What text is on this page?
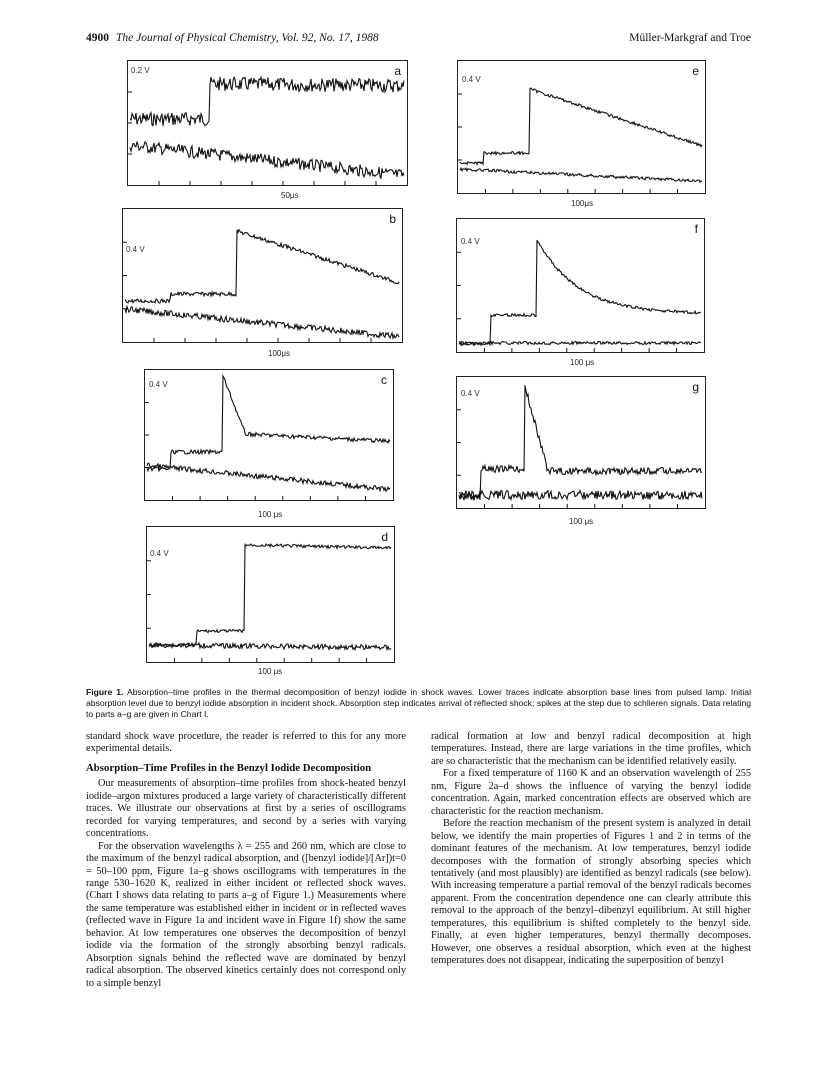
4900 The Journal of Physical Chemistry, Vol. 92, No. 17, 1988	Müller-Markgraf and Troe
0.2 V	a
50μs
0.4 V
b
100μs
0.4 V	c
100 μs
0.4 V
d
100 μs
0.4 V
e
100μs
0.4 V
f
100 μs
0.4 V	g
100 μs
Figure 1. Absorption–time profiles in the thermal decomposition of benzyl iodide in shock waves. Lower traces indicate absorption base lines from pulsed lamp. Initial absorption level due to benzyl iodide absorption in incident shock. Absorption step indicates arrival of reflected shock; spikes at the step due to schlieren signals. Data relating to parts a–g are given in Chart I.

standard shock wave procedure, the reader is referred to this for any more experimental details.

Absorption–Time Profiles in the Benzyl Iodide Decomposition

Our measurements of absorption–time profiles from shock-heated benzyl iodide–argon mixtures produced a large variety of characteristically different traces. We illustrate our observations at first by a series of oscillograms recorded for varying temperatures, and second by a series with varying concentrations.

For the observation wavelengths λ = 255 and 260 nm, which are close to the maximum of the benzyl radical absorption, and ([benzyl iodide]/[Ar])t=0 = 50–100 ppm, Figure 1a–g shows oscillograms with temperatures in the range 530–1620 K, realized in either incident or reflected shock waves. (Chart I shows data relating to parts a–g of Figure 1.) Measurements where the same temperature was established either in incident or in reflected waves (reflected wave in Figure 1a and incident wave in Figure 1f) show the same behavior. At low temperatures one observes the decomposition of benzyl iodide via the formation of the strongly absorbing benzyl radicals. Absorption signals behind the reflected wave are dominated by benzyl radical absorption. The observed kinetics certainly does not correspond only to a simple benzyl

radical formation at low and benzyl radical decomposition at high temperatures. Instead, there are large variations in the time profiles, which are so characteristic that the mechanism can be identified relatively easily.

For a fixed temperature of 1160 K and an observation wavelength of 255 nm, Figure 2a–d shows the influence of varying the benzyl iodide concentration. Again, marked concentration effects are observed which are characteristic for the reaction mechanism.

Before the reaction mechanism of the present system is analyzed in detail below, we identify the main properties of Figures 1 and 2 in terms of the dominant features of the mechanism. At low temperatures, benzyl iodide decomposes with the formation of strongly absorbing species which tentatively (and most plausibly) are identified as benzyl radicals (see below). With increasing temperature a partial removal of the benzyl radicals becomes apparent. From the concentration dependence one can clearly attribute this removal to the approach of the benzyl–dibenzyl equilibrium. At still higher temperatures, this equilibrium is shifted completely to the benzyl side. Finally, at even higher temperatures, benzyl thermally decomposes. However, one observes a residual absorption, which even at the highest temperatures does not disappear, indicating the superposition of benzyl
